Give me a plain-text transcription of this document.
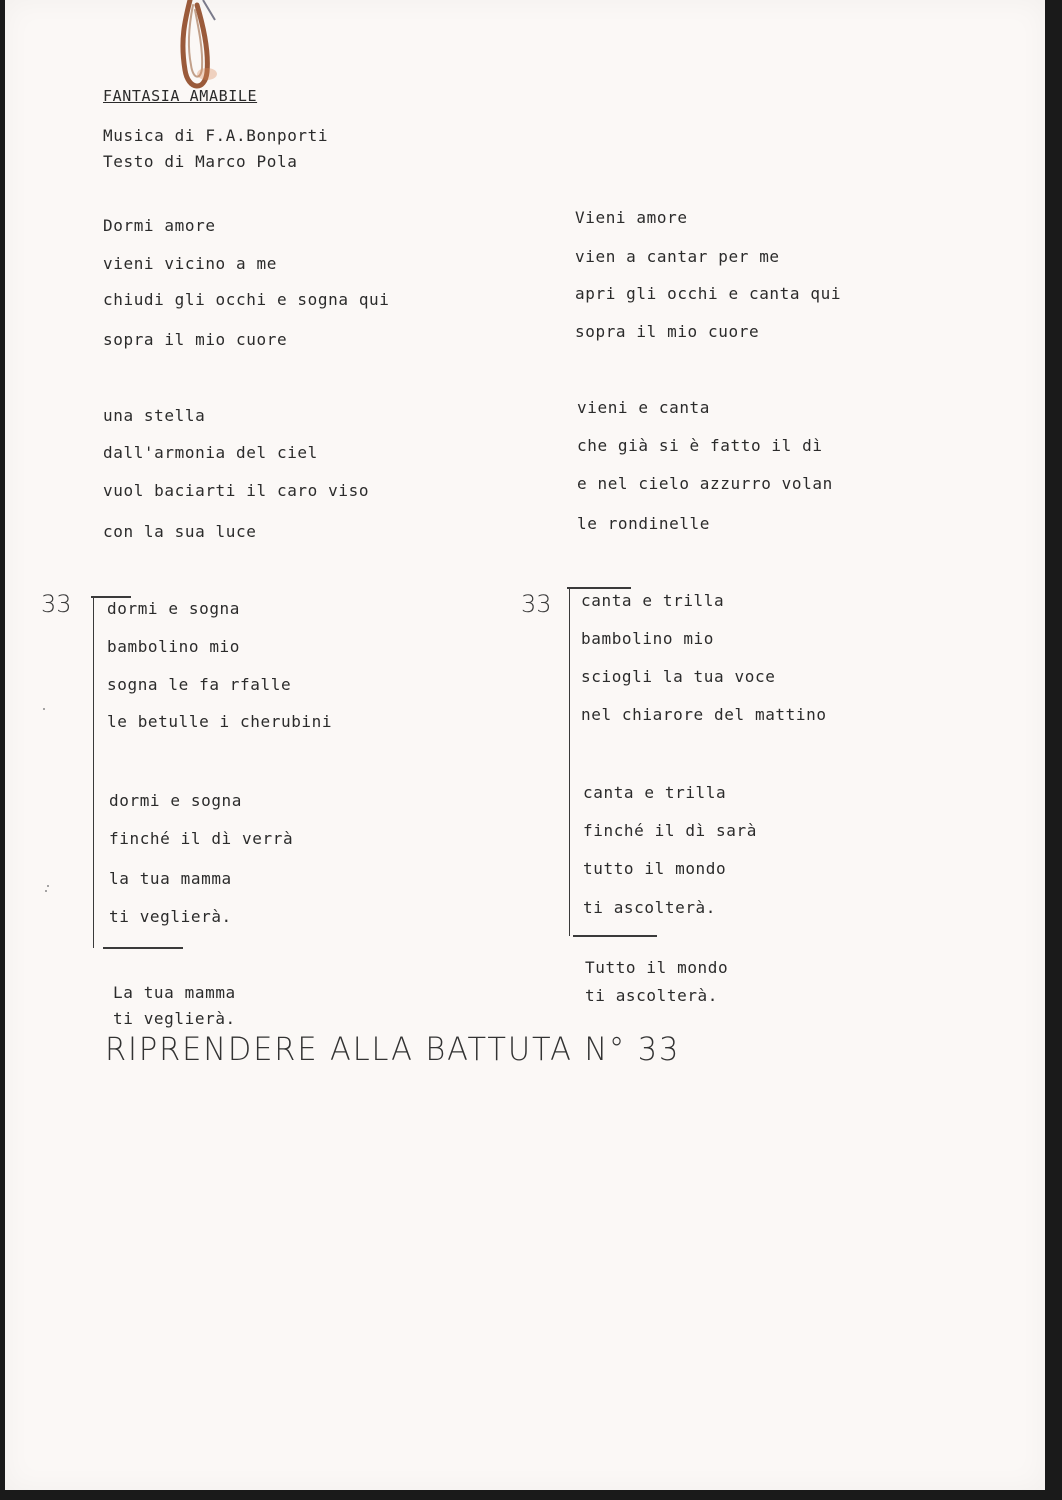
FANTASIA AMABILE
Musica di F.A.Bonporti
Testo di Marco Pola
Dormi amore
vieni vicino a me
chiudi gli occhi e sogna qui
sopra il mio cuore
una stella
dall'armonia del ciel
vuol baciarti il caro viso
con la sua luce
33 dormi e sogna
bambolino mio
sogna le fa rfalle
le betulle i cherubini
dormi e sogna
finché il dì verrà
la tua mamma
ti veglierà.
La tua mamma
ti veglierà.
Vieni amore
vien a cantar per me
apri gli occhi e canta qui
sopra il mio cuore
vieni e canta
che già si è fatto il dì
e nel cielo azzurro volan
le rondinelle
33 canta e trilla
bambolino mio
sciogli la tua voce
nel chiarore del mattino
canta e trilla
finché il dì sarà
tutto il mondo
ti ascolterà.
Tutto il mondo
ti ascolterà.
RIPRENDERE ALLA BATTUTA N° 33
